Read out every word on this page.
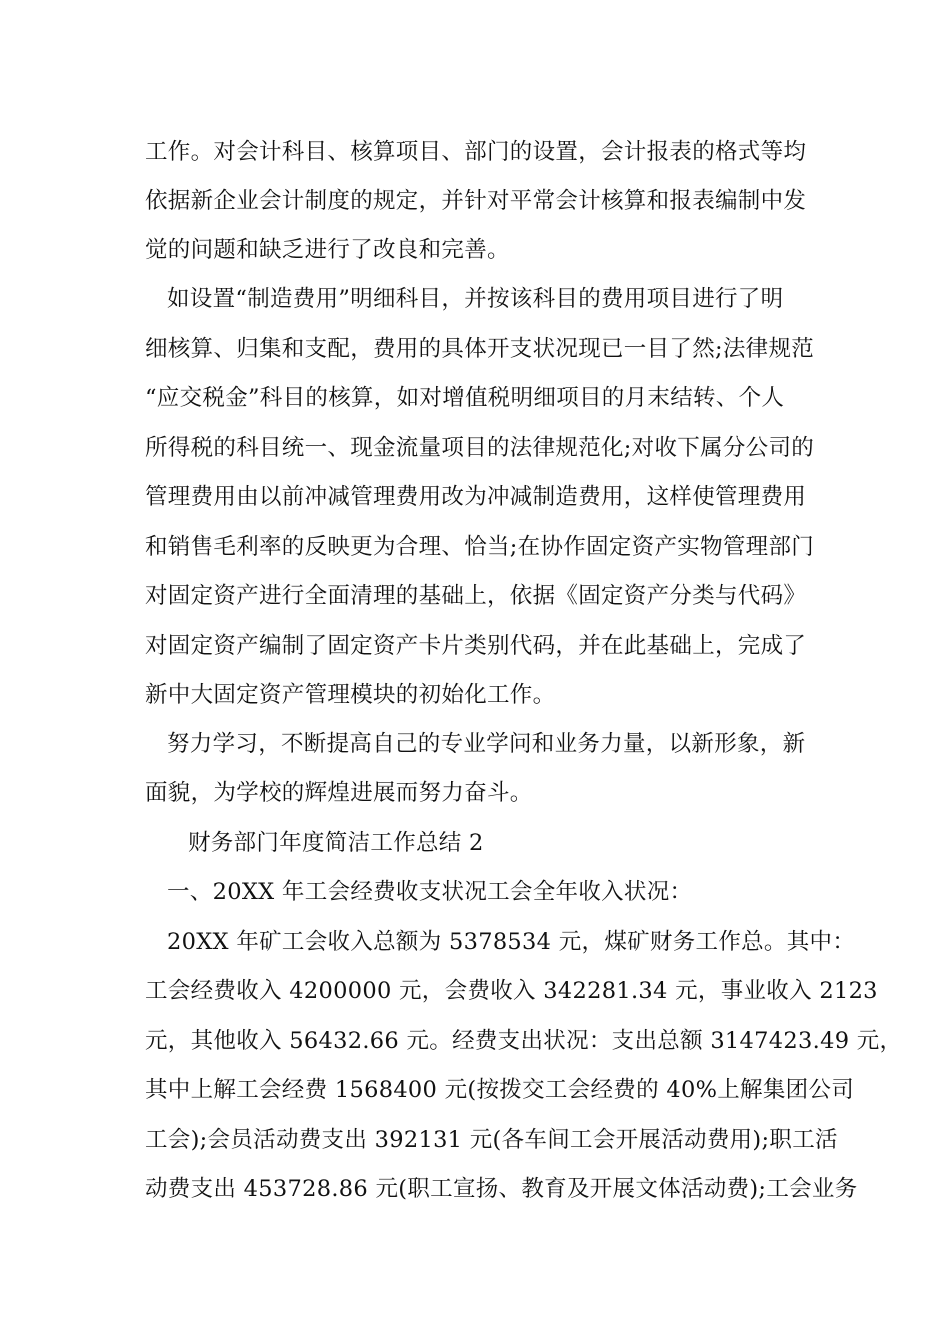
工作。对会计科目、核算项目、部门的设置，会计报表的格式等均
依据新企业会计制度的规定，并针对平常会计核算和报表编制中发
觉的问题和缺乏进行了改良和完善。
如设置“制造费用”明细科目，并按该科目的费用项目进行了明
细核算、归集和支配，费用的具体开支状况现已一目了然;法律规范
“应交税金”科目的核算，如对增值税明细项目的月末结转、个人
所得税的科目统一、现金流量项目的法律规范化;对收下属分公司的
管理费用由以前冲减管理费用改为冲减制造费用，这样使管理费用
和销售毛利率的反映更为合理、恰当;在协作固定资产实物管理部门
对固定资产进行全面清理的基础上，依据《固定资产分类与代码》
对固定资产编制了固定资产卡片类别代码，并在此基础上，完成了
新中大固定资产管理模块的初始化工作。
努力学习，不断提高自己的专业学问和业务力量，以新形象，新
面貌，为学校的辉煌进展而努力奋斗。
财务部门年度简洁工作总结 2
一、20XX 年工会经费收支状况工会全年收入状况：
20XX 年矿工会收入总额为 5378534 元，煤矿财务工作总。其中：
工会经费收入 4200000 元，会费收入 342281.34 元，事业收入 2123
元，其他收入 56432.66 元。经费支出状况：支出总额 3147423.49 元，
其中上解工会经费 1568400 元(按拨交工会经费的 40%上解集团公司
工会);会员活动费支出 392131 元(各车间工会开展活动费用);职工活
动费支出 453728.86 元(职工宣扬、教育及开展文体活动费);工会业务
